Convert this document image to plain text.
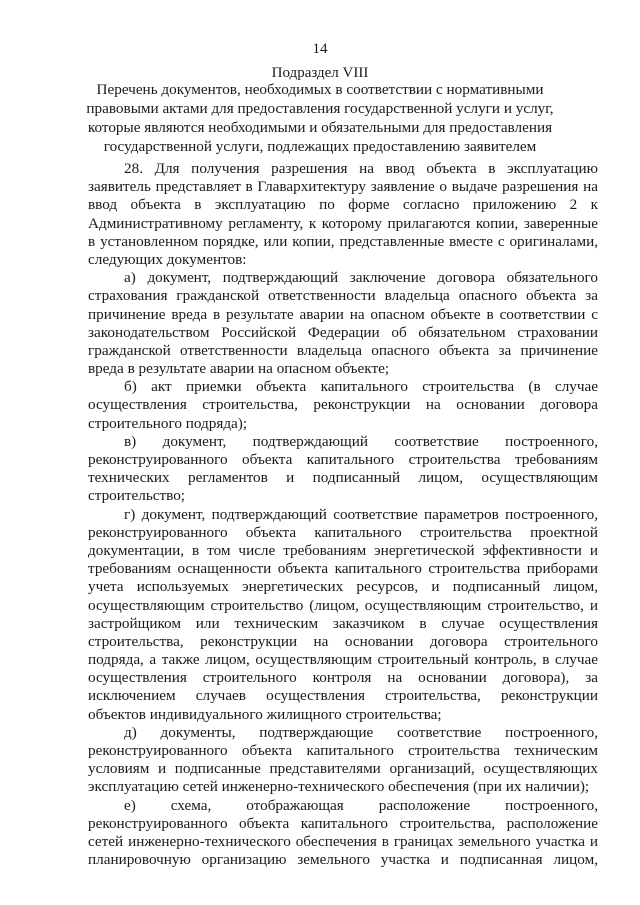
14
Подраздел VIII
Перечень документов, необходимых в соответствии с нормативными
правовыми актами для предоставления государственной услуги и услуг,
которые являются необходимыми и обязательными для предоставления
государственной услуги, подлежащих предоставлению заявителем

28. Для получения разрешения на ввод объекта в эксплуатацию
заявитель представляет в Главархитектуру заявление о выдаче разрешения на
ввод объекта в эксплуатацию по форме согласно приложению 2 к
Административному регламенту, к которому прилагаются копии, заверенные
в установленном порядке, или копии, представленные вместе с оригиналами,
следующих документов:

а) документ, подтверждающий заключение договора обязательного
страхования гражданской ответственности владельца опасного объекта за
причинение вреда в результате аварии на опасном объекте в соответствии с
законодательством Российской Федерации об обязательном страховании
гражданской ответственности владельца опасного объекта за причинение
вреда в результате аварии на опасном объекте;

б) акт приемки объекта капитального строительства (в случае
осуществления строительства, реконструкции на основании договора
строительного подряда);

в) документ, подтверждающий соответствие построенного,
реконструированного объекта капитального строительства требованиям
технических регламентов и подписанный лицом, осуществляющим
строительство;

г) документ, подтверждающий соответствие параметров построенного,
реконструированного объекта капитального строительства проектной
документации, в том числе требованиям энергетической эффективности и
требованиям оснащенности объекта капитального строительства приборами
учета используемых энергетических ресурсов, и подписанный лицом,
осуществляющим строительство (лицом, осуществляющим строительство, и
застройщиком или техническим заказчиком в случае осуществления
строительства, реконструкции на основании договора строительного
подряда, а также лицом, осуществляющим строительный контроль, в случае
осуществления строительного контроля на основании договора), за
исключением случаев осуществления строительства, реконструкции
объектов индивидуального жилищного строительства;

д) документы, подтверждающие соответствие построенного,
реконструированного объекта капитального строительства техническим
условиям и подписанные представителями организаций, осуществляющих
эксплуатацию сетей инженерно-технического обеспечения (при их наличии);

е) схема, отображающая расположение построенного,
реконструированного объекта капитального строительства, расположение
сетей инженерно-технического обеспечения в границах земельного участка и
планировочную организацию земельного участка и подписанная лицом,
